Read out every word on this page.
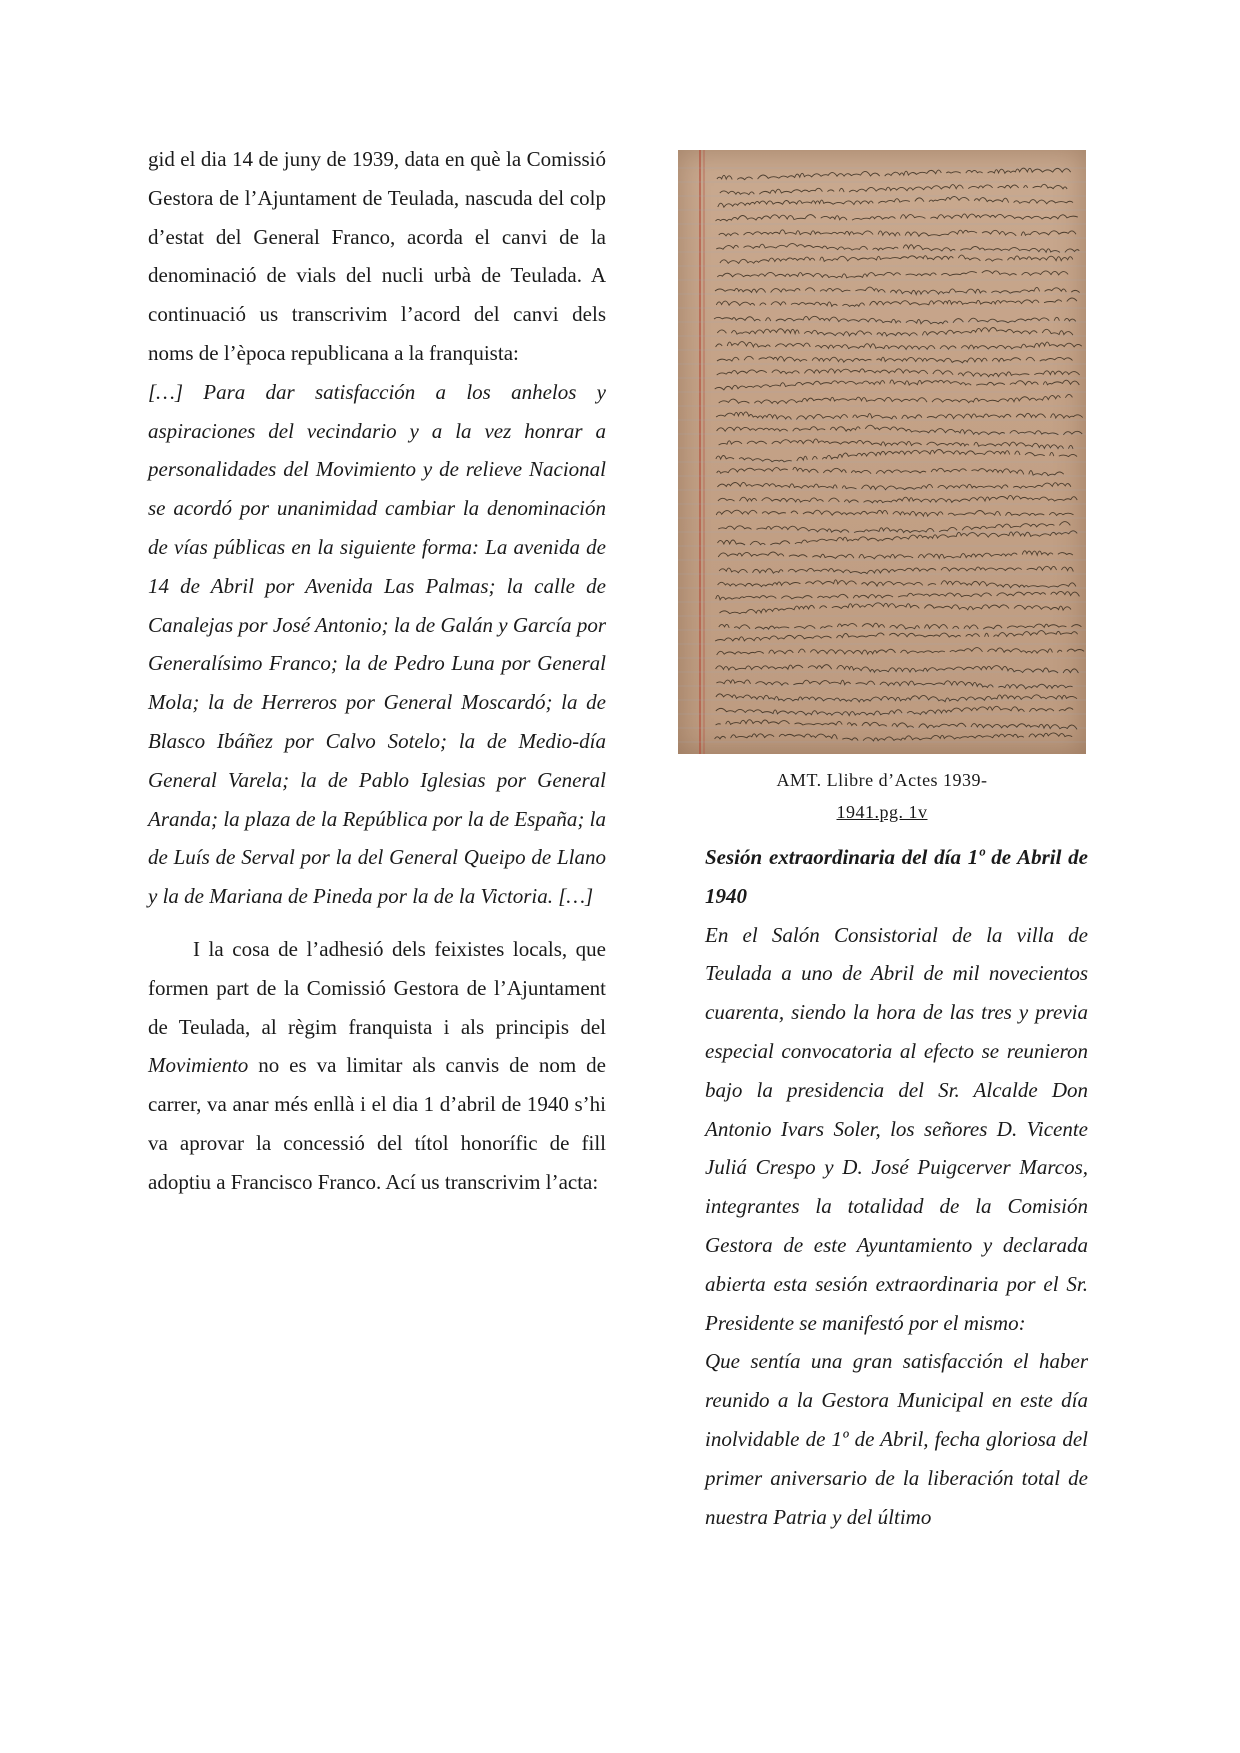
gid el dia 14 de juny de 1939, data en què la Comissió Gestora de l’Ajuntament de Teulada, nascuda del colp d’estat del General Franco, acorda el canvi de la denominació de vials del nucli urbà de Teulada. A continuació us transcrivim l’acord del canvi dels noms de l’època republicana a la franquista:

[…] Para dar satisfacción a los anhelos y aspiraciones del vecindario y a la vez honrar a personalidades del Movimiento y de relieve Nacional se acordó por unanimidad cambiar la denominación de vías públicas en la siguiente forma: La avenida de 14 de Abril por Avenida Las Palmas; la calle de Canalejas por José Antonio; la de Galán y García por Generalísimo Franco; la de Pedro Luna por General Mola; la de Herreros por General Moscardó; la de Blasco Ibáñez por Calvo Sotelo; la de Medio-día General Varela; la de Pablo Iglesias por General Aranda; la plaza de la República por la de España; la de Luís de Serval por la del General Queipo de Llano y la de Mariana de Pineda por la de la Victoria. […]

I la cosa de l’adhesió dels feixistes locals, que formen part de la Comissió Gestora de l’Ajuntament de Teulada, al règim franquista i als principis del Movimiento no es va limitar als canvis de nom de carrer, va anar més enllà i el dia 1 d’abril de 1940 s’hi va aprovar la concessió del títol honorífic de fill adoptiu a Francisco Franco. Ací us transcrivim l’acta:

AMT. Llibre d’Actes 1939-
1941.pg. 1v

Sesión extraordinaria del día 1º de Abril de 1940

En el Salón Consistorial de la villa de Teulada a uno de Abril de mil novecientos cuarenta, siendo la hora de las tres y previa especial convocatoria al efecto se reunieron bajo la presidencia del Sr. Alcalde Don Antonio Ivars Soler, los señores D. Vicente Juliá Crespo y D. José Puigcerver Marcos, integrantes la totalidad de la Comisión Gestora de este Ayuntamiento y declarada abierta esta sesión extraordinaria por el Sr. Presidente se manifestó por el mismo:

Que sentía una gran satisfacción el haber reunido a la Gestora Municipal en este día inolvidable de 1º de Abril, fecha gloriosa del primer aniversario de la liberación total de nuestra Patria y del último
